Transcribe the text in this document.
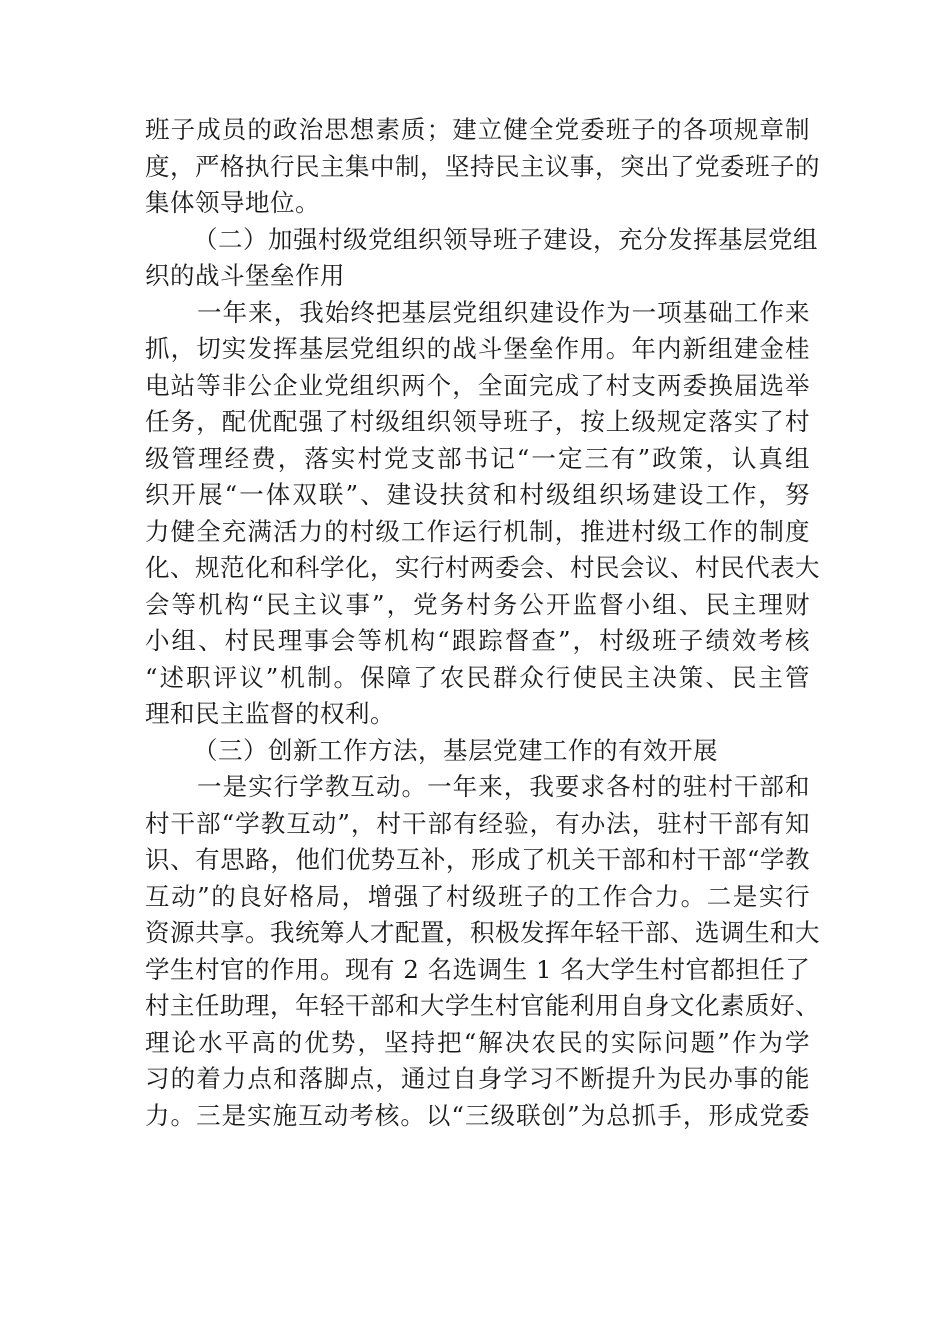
班子成员的政治思想素质；建立健全党委班子的各项规章制
度，严格执行民主集中制，坚持民主议事，突出了党委班子的
集体领导地位。
（二）加强村级党组织领导班子建设，充分发挥基层党组
织的战斗堡垒作用
一年来，我始终把基层党组织建设作为一项基础工作来
抓，切实发挥基层党组织的战斗堡垒作用。年内新组建金桂
电站等非公企业党组织两个，全面完成了村支两委换届选举
任务，配优配强了村级组织领导班子，按上级规定落实了村
级管理经费，落实村党支部书记“一定三有”政策，认真组
织开展“一体双联”、建设扶贫和村级组织场建设工作，努
力健全充满活力的村级工作运行机制，推进村级工作的制度
化、规范化和科学化，实行村两委会、村民会议、村民代表大
会等机构“民主议事”，党务村务公开监督小组、民主理财
小组、村民理事会等机构“跟踪督查”，村级班子绩效考核
“述职评议”机制。保障了农民群众行使民主决策、民主管
理和民主监督的权利。
（三）创新工作方法，基层党建工作的有效开展
一是实行学教互动。一年来，我要求各村的驻村干部和
村干部“学教互动”，村干部有经验，有办法，驻村干部有知
识、有思路，他们优势互补，形成了机关干部和村干部“学教
互动”的良好格局，增强了村级班子的工作合力。二是实行
资源共享。我统筹人才配置，积极发挥年轻干部、选调生和大
学生村官的作用。现有 2 名选调生 1 名大学生村官都担任了
村主任助理，年轻干部和大学生村官能利用自身文化素质好、
理论水平高的优势，坚持把“解决农民的实际问题”作为学
习的着力点和落脚点，通过自身学习不断提升为民办事的能
力。三是实施互动考核。以“三级联创”为总抓手，形成党委
